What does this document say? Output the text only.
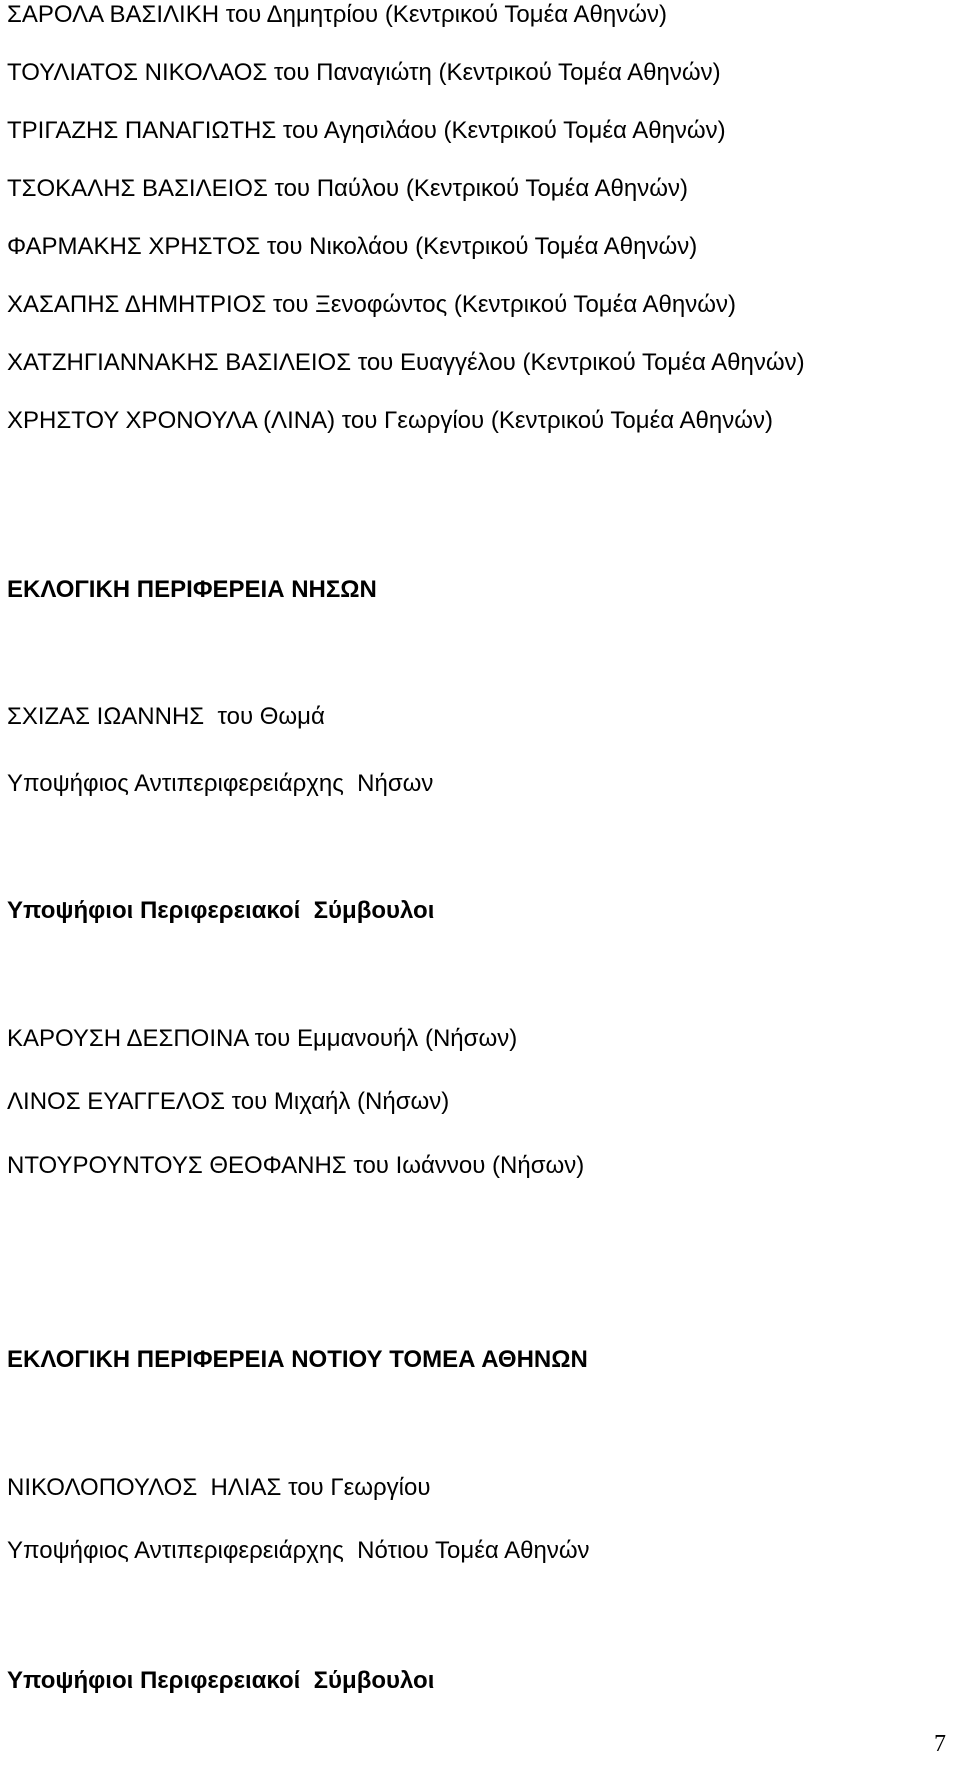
ΣΑΡΟΛΑ ΒΑΣΙΛΙΚΗ του Δημητρίου (Κεντρικού Τομέα Αθηνών)

ΤΟΥΛΙΑΤΟΣ ΝΙΚΟΛΑΟΣ του Παναγιώτη (Κεντρικού Τομέα Αθηνών)

ΤΡΙΓΑΖΗΣ ΠΑΝΑΓΙΩΤΗΣ του Αγησιλάου (Κεντρικού Τομέα Αθηνών)

ΤΣΟΚΑΛΗΣ ΒΑΣΙΛΕΙΟΣ του Παύλου (Κεντρικού Τομέα Αθηνών)

ΦΑΡΜΑΚΗΣ ΧΡΗΣΤΟΣ του Νικολάου (Κεντρικού Τομέα Αθηνών)

ΧΑΣΑΠΗΣ ΔΗΜΗΤΡΙΟΣ του Ξενοφώντος (Κεντρικού Τομέα Αθηνών)

ΧΑΤΖΗΓΙΑΝΝΑΚΗΣ ΒΑΣΙΛΕΙΟΣ του Ευαγγέλου (Κεντρικού Τομέα Αθηνών)

ΧΡΗΣΤΟΥ ΧΡΟΝΟΥΛΑ (ΛΙΝΑ) του Γεωργίου (Κεντρικού Τομέα Αθηνών)

ΕΚΛΟΓΙΚΗ ΠΕΡΙΦΕΡΕΙΑ ΝΗΣΩΝ

ΣΧΙΖΑΣ ΙΩΑΝΝΗΣ  του Θωμά

Υποψήφιος Αντιπεριφερειάρχης  Νήσων

Υποψήφιοι Περιφερειακοί  Σύμβουλοι

ΚΑΡΟΥΣΗ ΔΕΣΠΟΙΝΑ του Εμμανουήλ (Νήσων)

ΛΙΝΟΣ ΕΥΑΓΓΕΛΟΣ του Μιχαήλ (Νήσων)

ΝΤΟΥΡΟΥΝΤΟΥΣ ΘΕΟΦΑΝΗΣ του Ιωάννου (Νήσων)

ΕΚΛΟΓΙΚΗ ΠΕΡΙΦΕΡΕΙΑ ΝΟΤΙΟΥ ΤΟΜΕΑ ΑΘΗΝΩΝ

ΝΙΚΟΛΟΠΟΥΛΟΣ  ΗΛΙΑΣ του Γεωργίου

Υποψήφιος Αντιπεριφερειάρχης  Νότιου Τομέα Αθηνών

Υποψήφιοι Περιφερειακοί  Σύμβουλοι

7
